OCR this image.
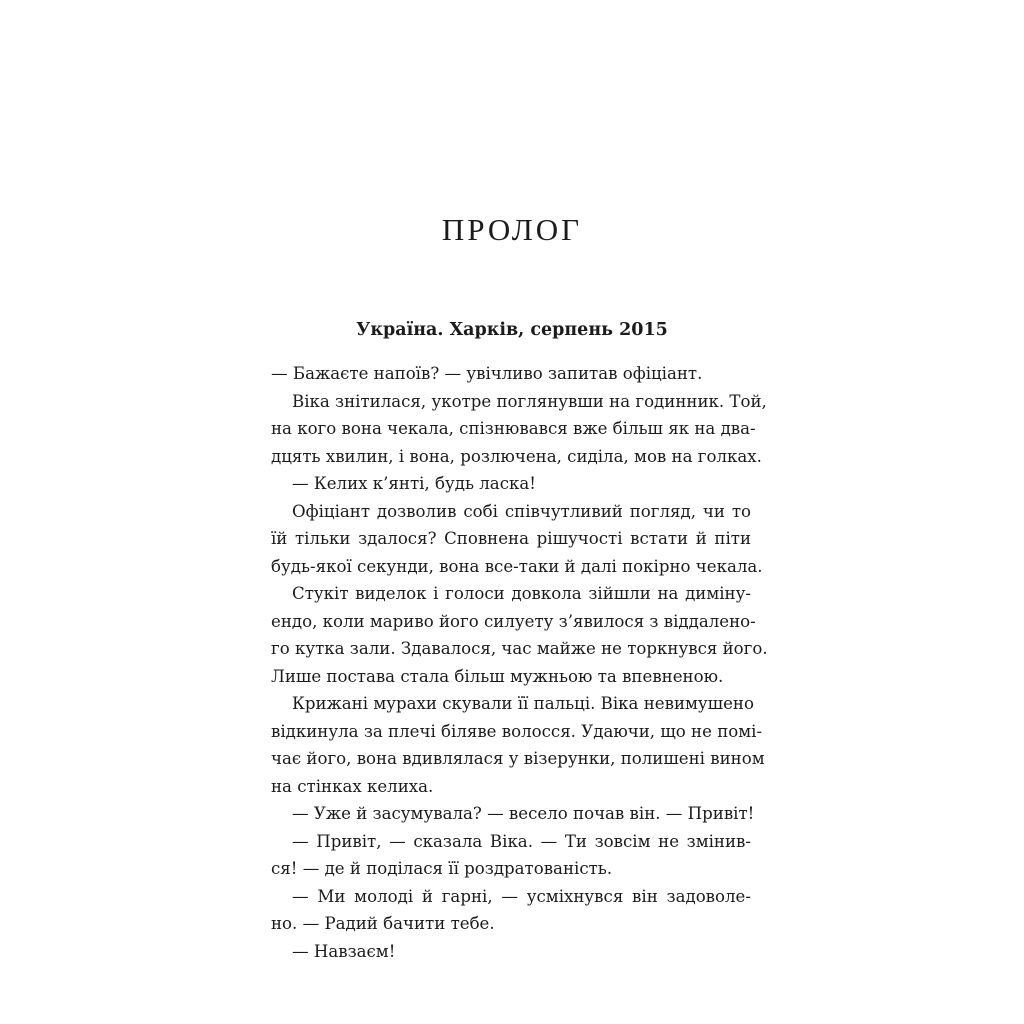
ПРОЛОГ

Україна. Харків, серпень 2015

— Бажаєте напоїв? — увічливо запитав офіціант.
Віка знітилася, укотре поглянувши на годинник. Той,
на кого вона чекала, спізнювався вже більш як на два-
дцять хвилин, і вона, розлючена, сиділа, мов на голках.
— Келих к’янті, будь ласка!
Офіціант дозволив собі співчутливий погляд, чи то
їй тільки здалося? Сповнена рішучості встати й піти
будь-якої секунди, вона все-таки й далі покірно чекала.
Стукіт виделок і голоси довкола зійшли на диміну-
ендо, коли мариво його силуету з’явилося з віддалено-
го кутка зали. Здавалося, час майже не торкнувся його.
Лише постава стала більш мужньою та впевненою.
Крижані мурахи скували її пальці. Віка невимушено
відкинула за плечі біляве волосся. Удаючи, що не помі-
чає його, вона вдивлялася у візерунки, полишені вином
на стінках келиха.
— Уже й засумувала? — весело почав він. — Привіт!
— Привіт, — сказала Віка. — Ти зовсім не змінив-
ся! — де й поділася її роздратованість.
— Ми молоді й гарні, — усміхнувся він задоволе-
но. — Радий бачити тебе.
— Навзаєм!
